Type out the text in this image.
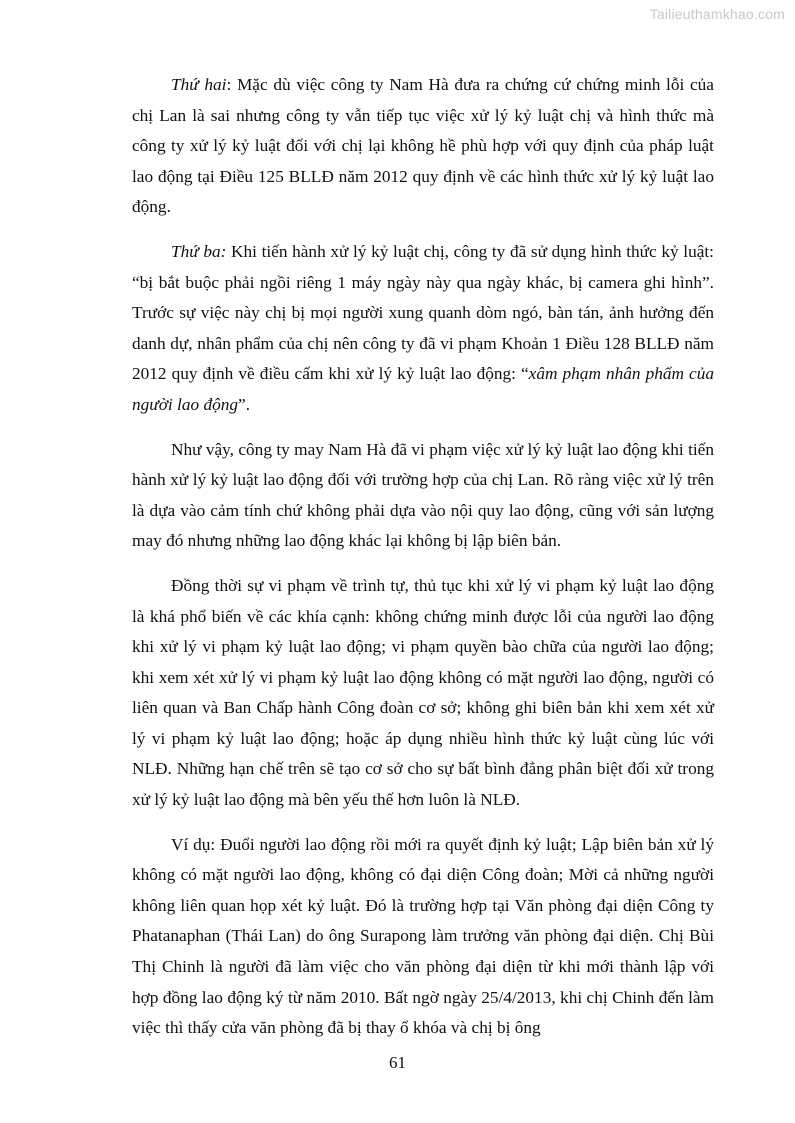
Tailieuthamkhao.com

Thứ hai: Mặc dù việc công ty Nam Hà đưa ra chứng cứ chứng minh lỗi của chị Lan là sai nhưng công ty vẫn tiếp tục việc xử lý kỷ luật chị và hình thức mà công ty xử lý kỷ luật đối với chị lại không hề phù hợp với quy định của pháp luật lao động tại Điều 125 BLLĐ năm 2012 quy định về các hình thức xử lý kỷ luật lao động.

Thứ ba: Khi tiến hành xử lý kỷ luật chị, công ty đã sử dụng hình thức kỷ luật: “bị bắt buộc phải ngồi riêng 1 máy ngày này qua ngày khác, bị camera ghi hình”. Trước sự việc này chị bị mọi người xung quanh dòm ngó, bàn tán, ảnh hưởng đến danh dự, nhân phẩm của chị nên công ty đã vi phạm Khoản 1 Điều 128 BLLĐ năm 2012 quy định về điều cấm khi xử lý kỷ luật lao động: “xâm phạm nhân phẩm của người lao động”.

Như vậy, công ty may Nam Hà đã vi phạm việc xử lý kỷ luật lao động khi tiến hành xử lý kỷ luật lao động đối với trường hợp của chị Lan. Rõ ràng việc xử lý trên là dựa vào cảm tính chứ không phải dựa vào nội quy lao động, cũng với sản lượng may đó nhưng những lao động khác lại không bị lập biên bản.

Đồng thời sự vi phạm về trình tự, thủ tục khi xử lý vi phạm kỷ luật lao động là khá phổ biến về các khía cạnh: không chứng minh được lỗi của người lao động khi xử lý vi phạm kỷ luật lao động; vi phạm quyền bào chữa của người lao động; khi xem xét xử lý vi phạm kỷ luật lao động không có mặt người lao động, người có liên quan và Ban Chấp hành Công đoàn cơ sở; không ghi biên bản khi xem xét xử lý vi phạm kỷ luật lao động; hoặc áp dụng nhiều hình thức kỷ luật cùng lúc với NLĐ. Những hạn chế trên sẽ tạo cơ sở cho sự bất bình đẳng phân biệt đối xử trong xử lý kỷ luật lao động mà bên yếu thế hơn luôn là NLĐ.

Ví dụ: Đuổi người lao động rồi mới ra quyết định kỷ luật; Lập biên bản xử lý không có mặt người lao động, không có đại diện Công đoàn; Mời cả những người không liên quan họp xét kỷ luật. Đó là trường hợp tại Văn phòng đại diện Công ty Phatanaphan (Thái Lan) do ông Surapong làm trưởng văn phòng đại diện. Chị Bùi Thị Chinh là người đã làm việc cho văn phòng đại diện từ khi mới thành lập với hợp đồng lao động ký từ năm 2010. Bất ngờ ngày 25/4/2013, khi chị Chinh đến làm việc thì thấy cửa văn phòng đã bị thay ổ khóa và chị bị ông

61
